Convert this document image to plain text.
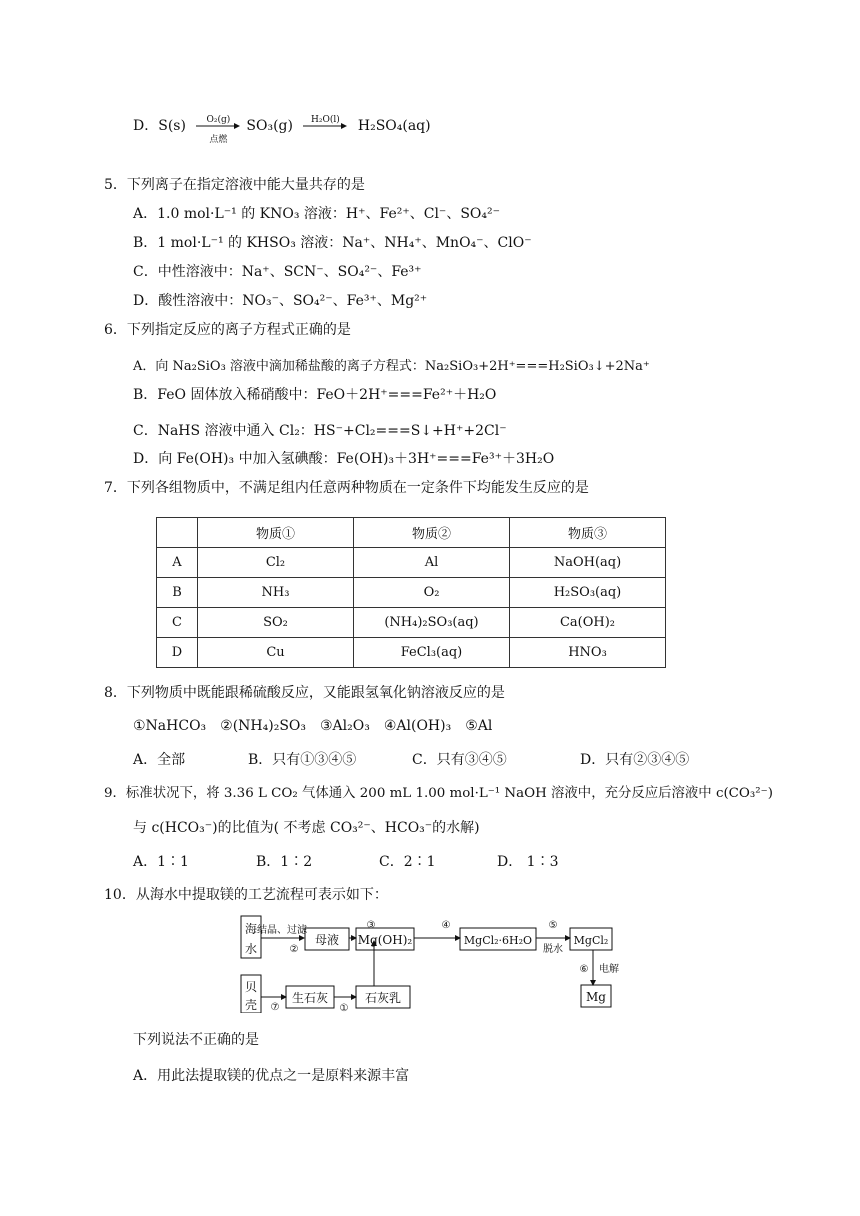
D．S(s)	O₂(g)
点燃
SO₃(g)	H₂O(l)	H₂SO₄(aq)
5．下列离子在指定溶液中能大量共存的是
A．1.0 mol·L⁻¹ 的 KNO₃ 溶液：H⁺、Fe²⁺、Cl⁻、SO₄²⁻
B．1 mol·L⁻¹ 的 KHSO₃ 溶液：Na⁺、NH₄⁺、MnO₄⁻、ClO⁻
C．中性溶液中：Na⁺、SCN⁻、SO₄²⁻、Fe³⁺
D．酸性溶液中：NO₃⁻、SO₄²⁻、Fe³⁺、Mg²⁺
6．下列指定反应的离子方程式正确的是
A．向 Na₂SiO₃ 溶液中滴加稀盐酸的离子方程式：Na₂SiO₃+2H⁺===H₂SiO₃↓+2Na⁺
B．FeO 固体放入稀硝酸中：FeO＋2H⁺===Fe²⁺＋H₂O
C．NaHS 溶液中通入 Cl₂：HS⁻+Cl₂===S↓+H⁺+2Cl⁻
D．向 Fe(OH)₃ 中加入氢碘酸：Fe(OH)₃＋3H⁺===Fe³⁺＋3H₂O
7．下列各组物质中，不满足组内任意两种物质在一定条件下均能发生反应的是
	物质①	物质②	物质③
A	Cl₂	Al	NaOH(aq)
B	NH₃	O₂	H₂SO₃(aq)
C	SO₂	(NH₄)₂SO₃(aq)	Ca(OH)₂
D	Cu	FeCl₃(aq)	HNO₃
8．下列物质中既能跟稀硫酸反应，又能跟氢氧化钠溶液反应的是
①NaHCO₃　②(NH₄)₂SO₃　③Al₂O₃　④Al(OH)₃　⑤Al
A．全部	B．只有①③④⑤	C．只有③④⑤	D．只有②③④⑤
9．标准状况下，将 3.36 L CO₂ 气体通入 200 mL 1.00 mol·L⁻¹ NaOH 溶液中，充分反应后溶液中 c(CO₃²⁻)
与 c(HCO₃⁻)的比值为( 不考虑 CO₃²⁻、HCO₃⁻的水解)
A．1∶1	B．1∶2	C．2∶1	D． 1∶3
10．从海水中提取镁的工艺流程可表示如下：
海
水
结晶、过滤
②
母液
③
Mg(OH)₂
④
MgCl₂·6H₂O
⑤
脱水
MgCl₂
⑥ 电解
Mg
贝
壳 ⑦
生石灰
①
石灰乳
下列说法不正确的是
A．用此法提取镁的优点之一是原料来源丰富
